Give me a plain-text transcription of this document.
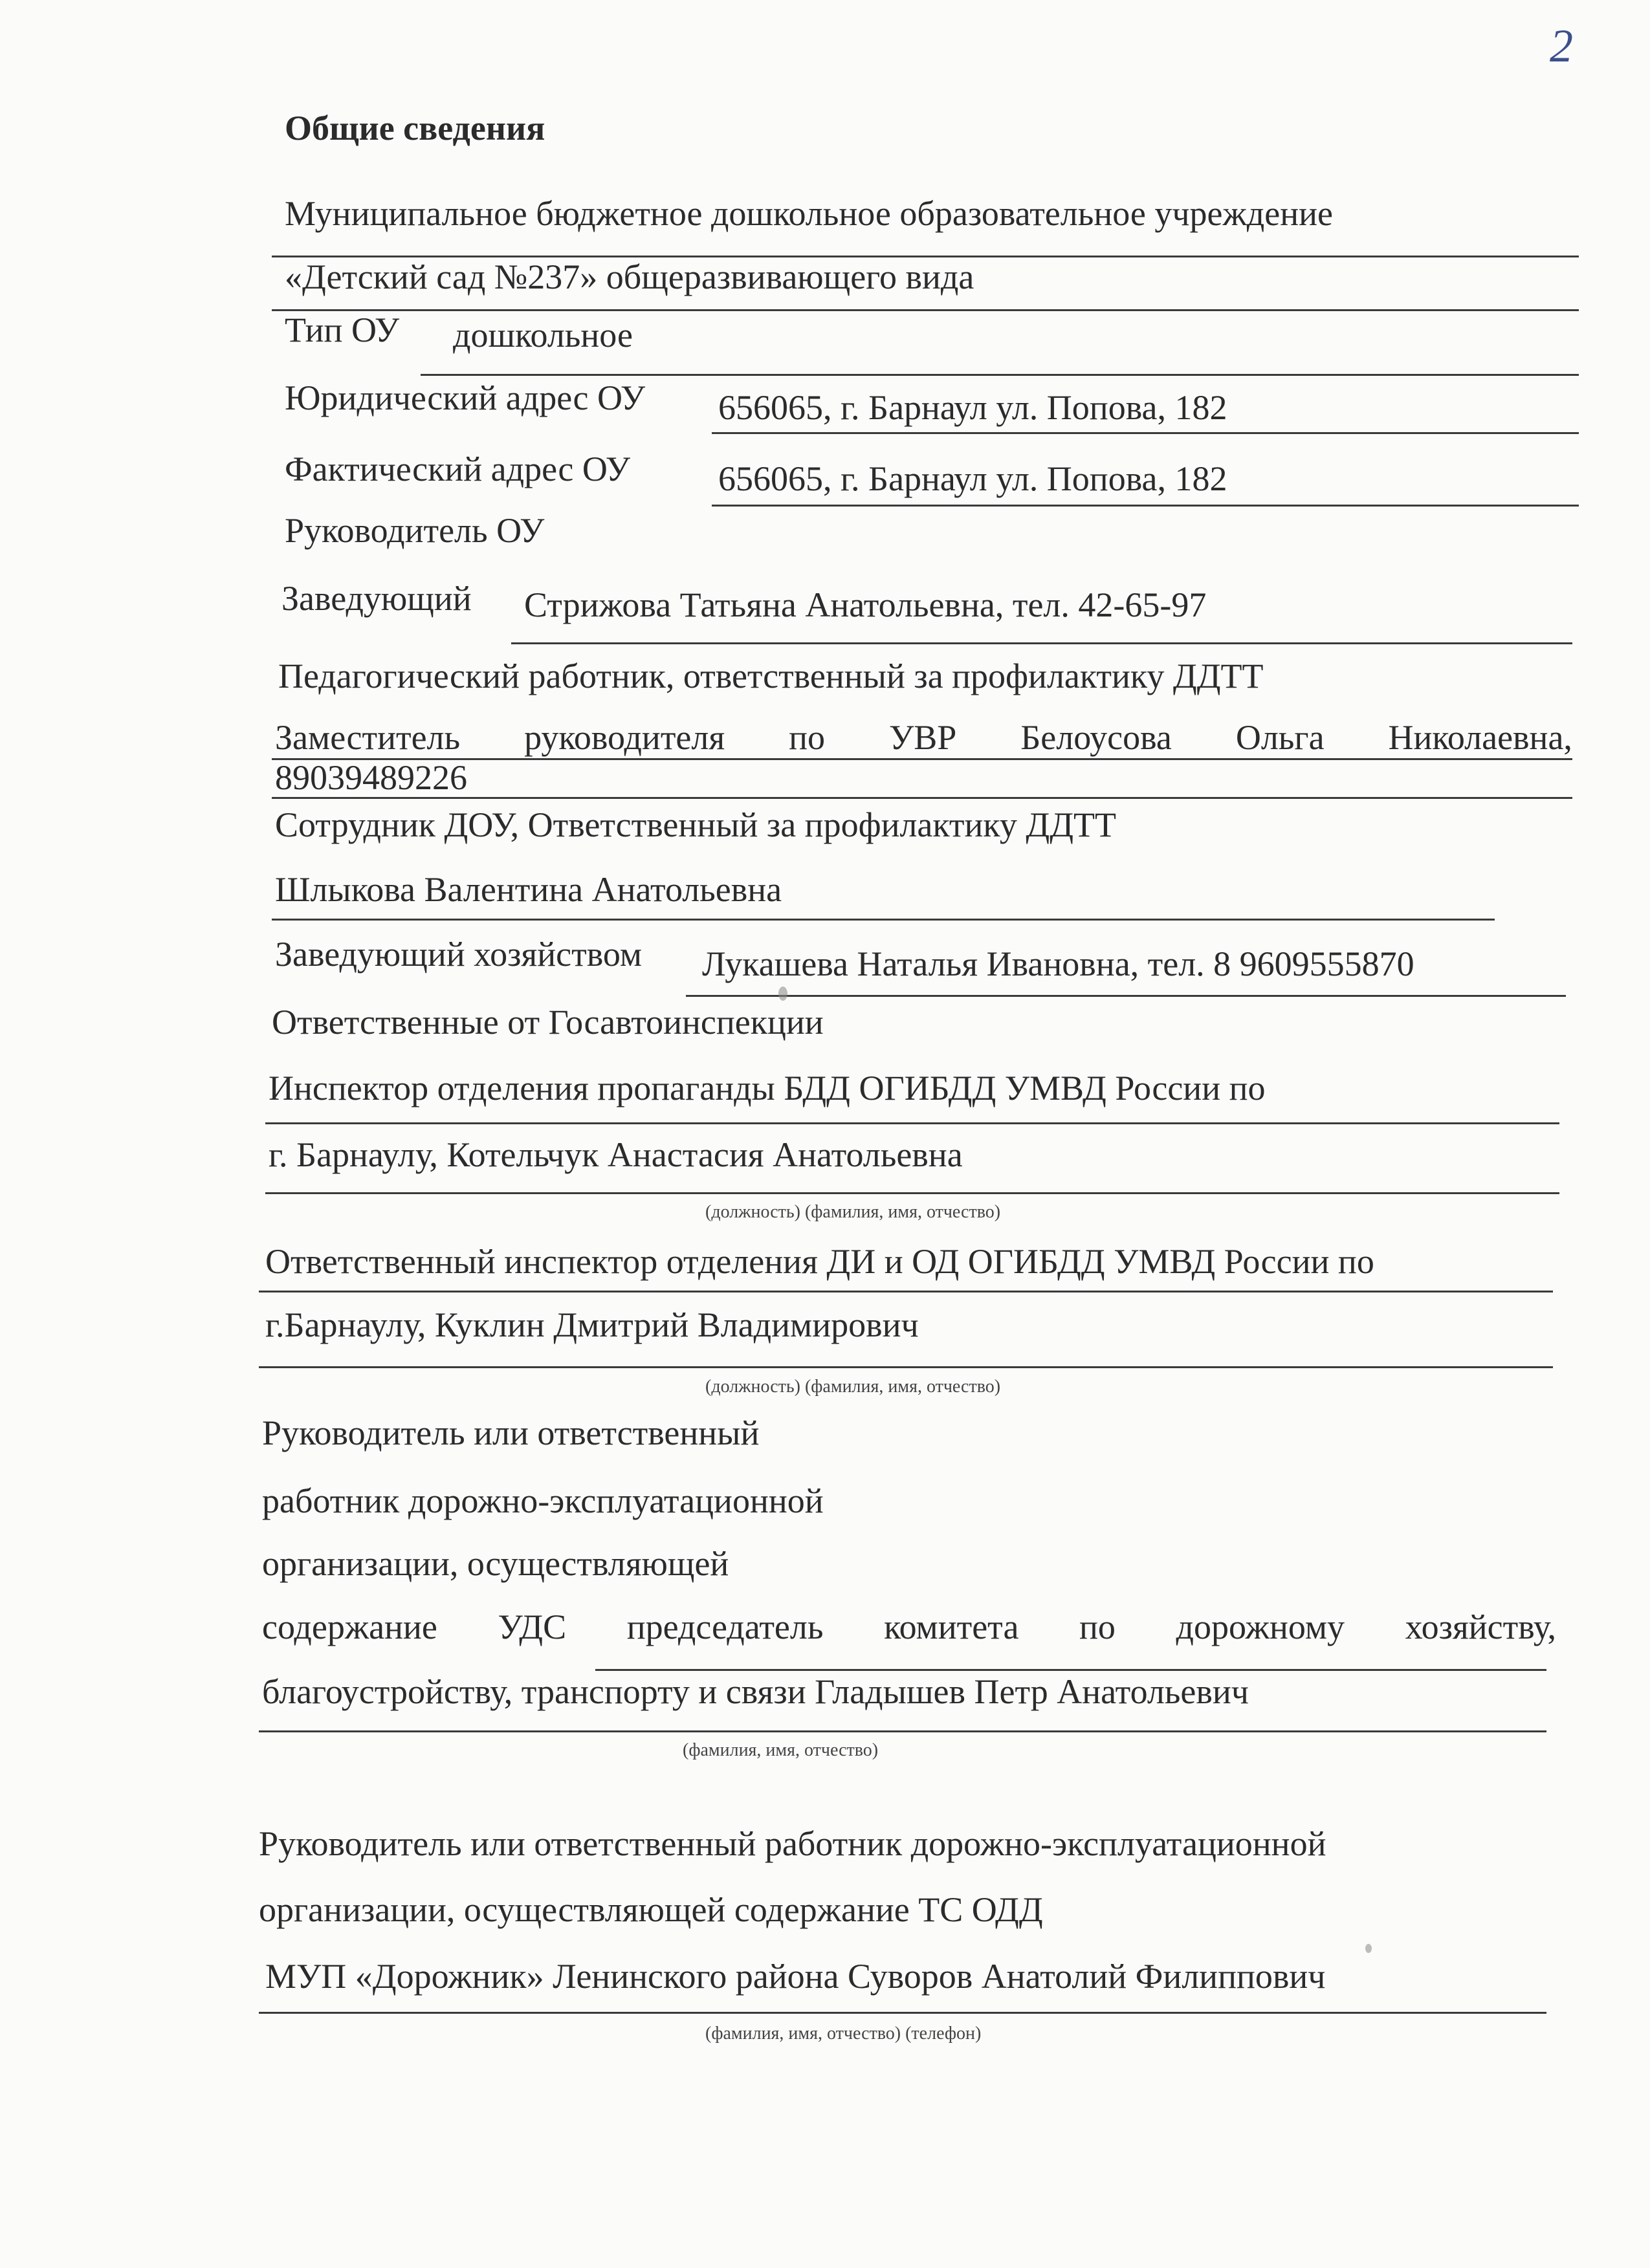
2
Общие сведения
Муниципальное бюджетное дошкольное образовательное учреждение
«Детский сад №237» общеразвивающего вида
Тип ОУ дошкольное
Юридический адрес ОУ 656065, г. Барнаул ул. Попова, 182
Фактический адрес ОУ	656065, г. Барнаул ул. Попова, 182
Руководитель ОУ
Заведующий Стрижова Татьяна Анатольевна, тел. 42-65-97
Педагогический работник, ответственный за профилактику ДДТТ
Заместитель руководителя по УВР Белоусова Ольга Николаевна,
89039489226
Сотрудник ДОУ, Ответственный за профилактику ДДТТ
Шлыкова Валентина Анатольевна
Заведующий хозяйством Лукашева Наталья Ивановна, тел. 8 9609555870
Ответственные от Госавтоинспекции
Инспектор отделения пропаганды БДД ОГИБДД УМВД России по
г. Барнаулу, Котельчук Анастасия Анатольевна
(должность) (фамилия, имя, отчество)
Ответственный инспектор отделения ДИ и ОД ОГИБДД УМВД России по
г.Барнаулу, Куклин Дмитрий Владимирович
(должность) (фамилия, имя, отчество)
Руководитель или ответственный
работник дорожно-эксплуатационной
организации, осуществляющей
содержание УДС председатель комитета по дорожному хозяйству,
благоустройству, транспорту и связи Гладышев Петр Анатольевич
(фамилия, имя, отчество)
Руководитель или ответственный работник дорожно-эксплуатационной
организации, осуществляющей содержание ТС ОДД
МУП «Дорожник» Ленинского района Суворов Анатолий Филиппович
(фамилия, имя, отчество) (телефон)
